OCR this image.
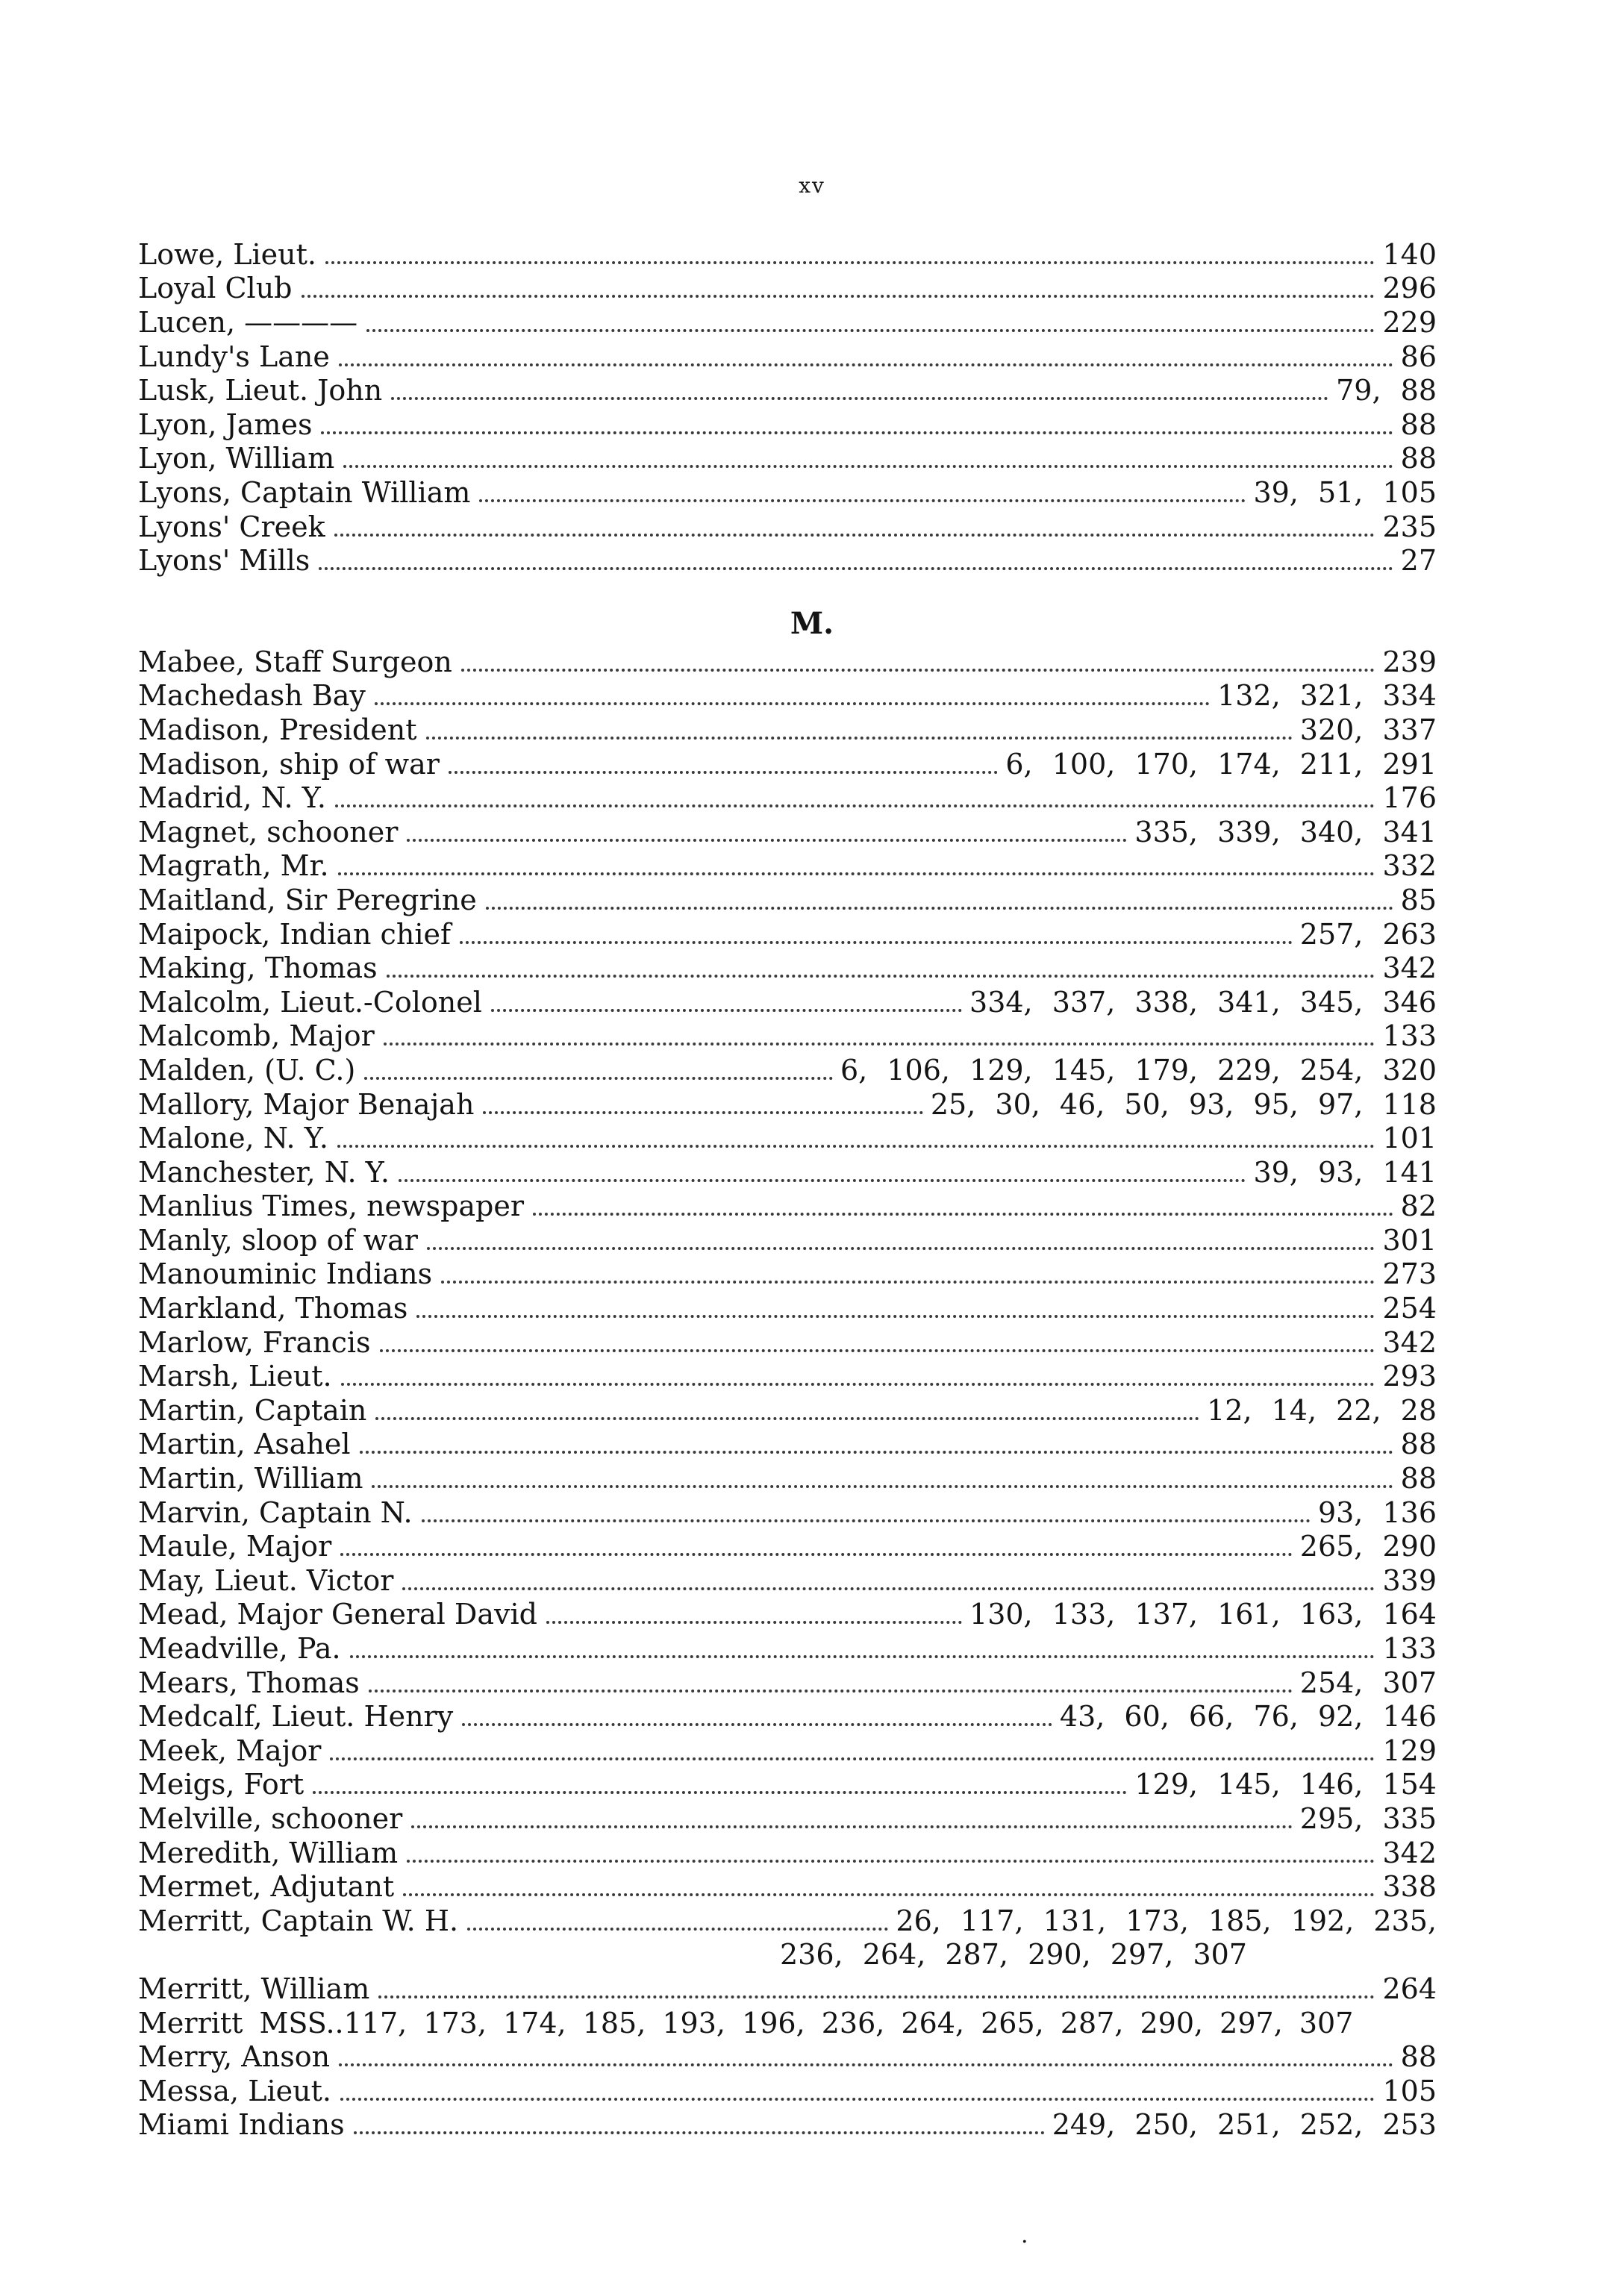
xv
Lowe, Lieut.	140
Loyal Club	296
Lucen, ————	229
Lundy's Lane	86
Lusk, Lieut. John	79, 88
Lyon, James	88
Lyon, William	88
Lyons, Captain William	39, 51, 105
Lyons' Creek	235
Lyons' Mills	27
M.
Mabee, Staff Surgeon	239
Machedash Bay	132, 321, 334
Madison, President	320, 337
Madison, ship of war	6, 100, 170, 174, 211, 291
Madrid, N. Y.	176
Magnet, schooner	335, 339, 340, 341
Magrath, Mr.	332
Maitland, Sir Peregrine	85
Maipock, Indian chief	257, 263
Making, Thomas	342
Malcolm, Lieut.-Colonel	334, 337, 338, 341, 345, 346
Malcomb, Major	133
Malden, (U. C.)	6, 106, 129, 145, 179, 229, 254, 320
Mallory, Major Benajah	25, 30, 46, 50, 93, 95, 97, 118
Malone, N. Y.	101
Manchester, N. Y.	39, 93, 141
Manlius Times, newspaper	82
Manly, sloop of war	301
Manouminic Indians	273
Markland, Thomas	254
Marlow, Francis	342
Marsh, Lieut.	293
Martin, Captain	12, 14, 22, 28
Martin, Asahel	88
Martin, William	88
Marvin, Captain N.	93, 136
Maule, Major	265, 290
May, Lieut. Victor	339
Mead, Major General David	130, 133, 137, 161, 163, 164
Meadville, Pa.	133
Mears, Thomas	254, 307
Medcalf, Lieut. Henry	43, 60, 66, 76, 92, 146
Meek, Major	129
Meigs, Fort	129, 145, 146, 154
Melville, schooner	295, 335
Meredith, William	342
Mermet, Adjutant	338
Merritt, Captain W. H.	26, 117, 131, 173, 185, 192, 235,
236, 264, 287, 290, 297, 307
Merritt, William	264
Merritt MSS..117, 173, 174, 185, 193, 196, 236, 264, 265, 287, 290, 297, 307
Merry, Anson	88
Messa, Lieut.	105
Miami Indians	249, 250, 251, 252, 253
.
